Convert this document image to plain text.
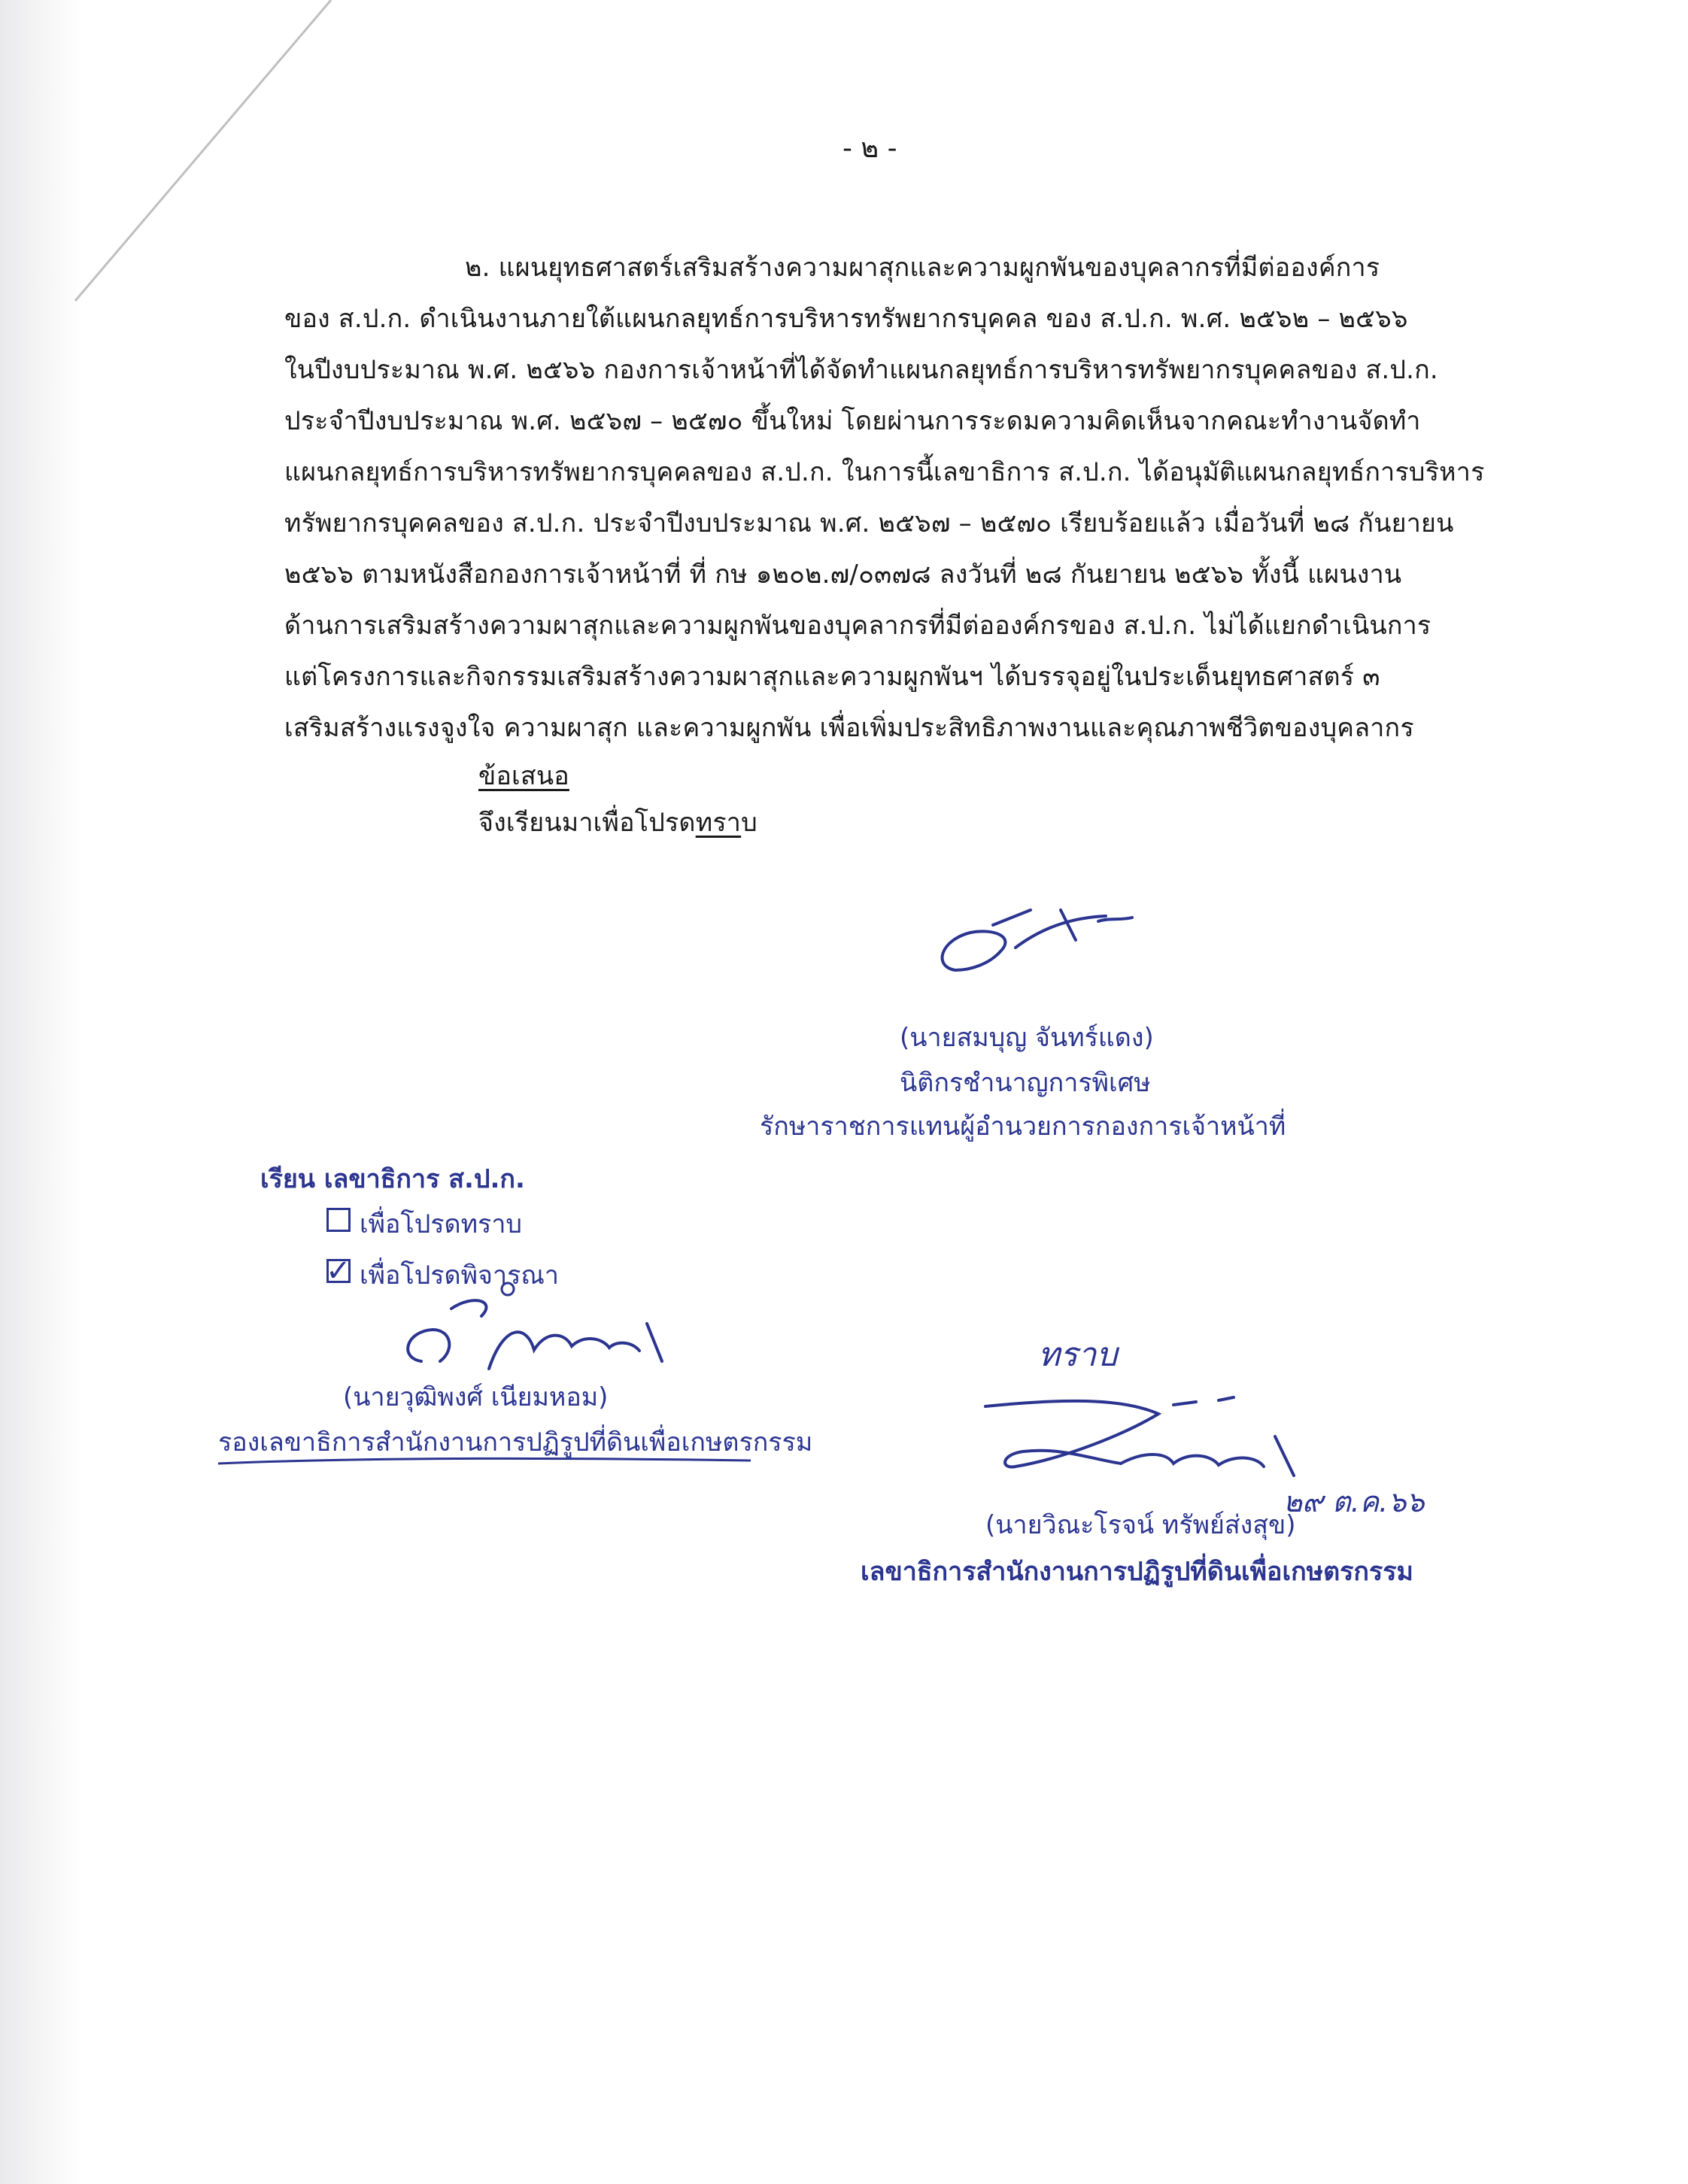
- ๒ -
๒. แผนยุทธศาสตร์เสริมสร้างความผาสุกและความผูกพันของบุคลากรที่มีต่อองค์การ
ของ ส.ป.ก. ดำเนินงานภายใต้แผนกลยุทธ์การบริหารทรัพยากรบุคคล ของ ส.ป.ก. พ.ศ. ๒๕๖๒ – ๒๕๖๖
ในปีงบประมาณ พ.ศ. ๒๕๖๖ กองการเจ้าหน้าที่ได้จัดทำแผนกลยุทธ์การบริหารทรัพยากรบุคคลของ ส.ป.ก.
ประจำปีงบประมาณ พ.ศ. ๒๕๖๗ – ๒๕๗๐ ขึ้นใหม่ โดยผ่านการระดมความคิดเห็นจากคณะทำงานจัดทำ
แผนกลยุทธ์การบริหารทรัพยากรบุคคลของ ส.ป.ก. ในการนี้เลขาธิการ ส.ป.ก. ได้อนุมัติแผนกลยุทธ์การบริหาร
ทรัพยากรบุคคลของ ส.ป.ก. ประจำปีงบประมาณ พ.ศ. ๒๕๖๗ – ๒๕๗๐ เรียบร้อยแล้ว เมื่อวันที่ ๒๘ กันยายน
๒๕๖๖ ตามหนังสือกองการเจ้าหน้าที่ ที่ กษ ๑๒๐๒.๗/๐๓๗๘ ลงวันที่ ๒๘ กันยายน ๒๕๖๖ ทั้งนี้ แผนงาน
ด้านการเสริมสร้างความผาสุกและความผูกพันของบุคลากรที่มีต่อองค์กรของ ส.ป.ก. ไม่ได้แยกดำเนินการ
แต่โครงการและกิจกรรมเสริมสร้างความผาสุกและความผูกพันฯ ได้บรรจุอยู่ในประเด็นยุทธศาสตร์ ๓
เสริมสร้างแรงจูงใจ ความผาสุก และความผูกพัน เพื่อเพิ่มประสิทธิภาพงานและคุณภาพชีวิตของบุคลากร
ข้อเสนอ
จึงเรียนมาเพื่อโปรดทราบ
(นายสมบุญ จันทร์แดง)
นิติกรชำนาญการพิเศษ
รักษาราชการแทนผู้อำนวยการกองการเจ้าหน้าที่
เรียน เลขาธิการ ส.ป.ก.
เพื่อโปรดทราบ
✓ เพื่อโปรดพิจารณา
(นายวุฒิพงศ์ เนียมหอม)
รองเลขาธิการสำนักงานการปฏิรูปที่ดินเพื่อเกษตรกรรม
ทราบ
๒๙ ต.ค.๖๖
(นายวิณะโรจน์ ทรัพย์ส่งสุข)
เลขาธิการสำนักงานการปฏิรูปที่ดินเพื่อเกษตรกรรม
